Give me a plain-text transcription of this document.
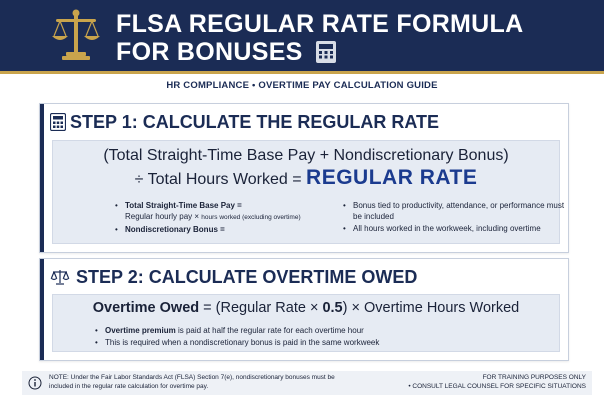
FLSA REGULAR RATE FORMULA
FOR BONUSES
HR COMPLIANCE • OVERTIME PAY CALCULATION GUIDE
STEP 1: CALCULATE THE REGULAR RATE
(Total Straight-Time Base Pay + Nondiscretionary Bonus)
÷ Total Hours Worked = REGULAR RATE
• Total Straight-Time Base Pay =
Regular hourly pay × hours worked (excluding overtime)
• Nondiscretionary Bonus =
• Bonus tied to productivity, attendance, or performance must be included
• All hours worked in the workweek, including overtime
STEP 2: CALCULATE OVERTIME OWED
Overtime Owed = (Regular Rate × 0.5) × Overtime Hours Worked
• Overtime premium is paid at half the regular rate for each overtime hour
• This is required when a nondiscretionary bonus is paid in the same workweek
NOTE: Under the Fair Labor Standards Act (FLSA) Section 7(e), nondiscretionary bonuses must be included in the regular rate calculation for overtime pay.
FOR TRAINING PURPOSES ONLY
• CONSULT LEGAL COUNSEL FOR SPECIFIC SITUATIONS
